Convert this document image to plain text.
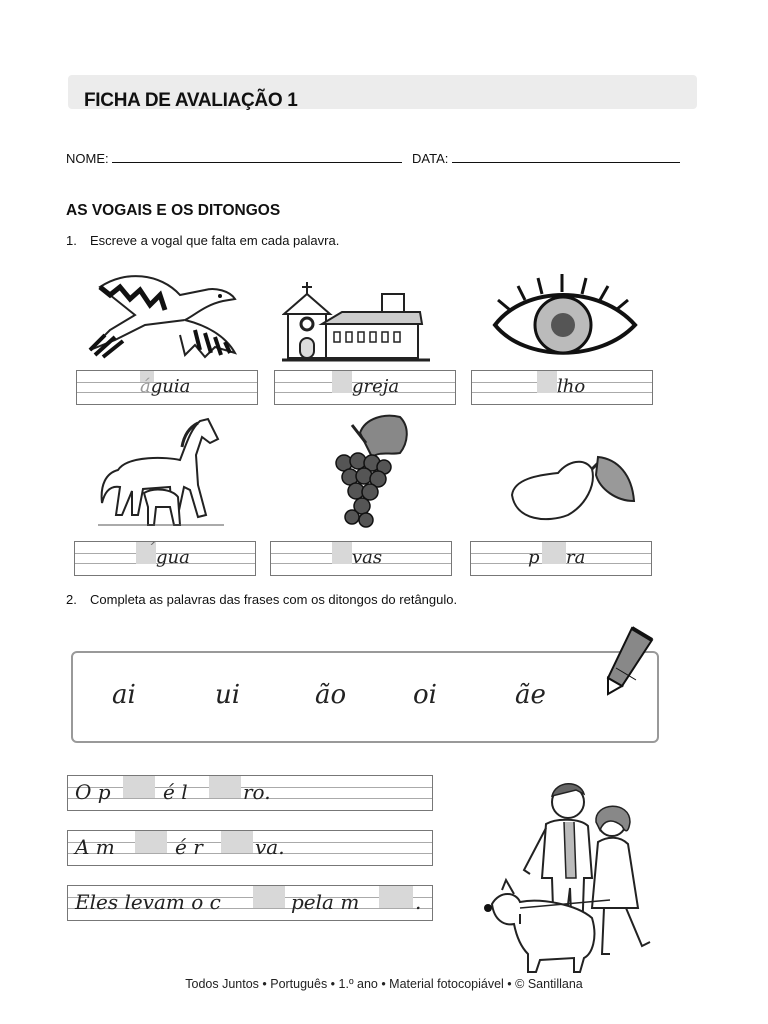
FICHA DE AVALIAÇÃO 1
NOME:	DATA:
AS VOGAIS E OS DITONGOS
1. Escreve a vogal que falta em cada palavra.
águia	greja	lho
´ gua	vas	p ra
2. Completa as palavras das frases com os ditongos do retângulo.
ai	ui	ão	oi	ãe
O p	é l	ro.
A m	é r	va.
Eles levam o c	pela m	.
Todos Juntos • Português • 1.º ano • Material fotocopiável • © Santillana
